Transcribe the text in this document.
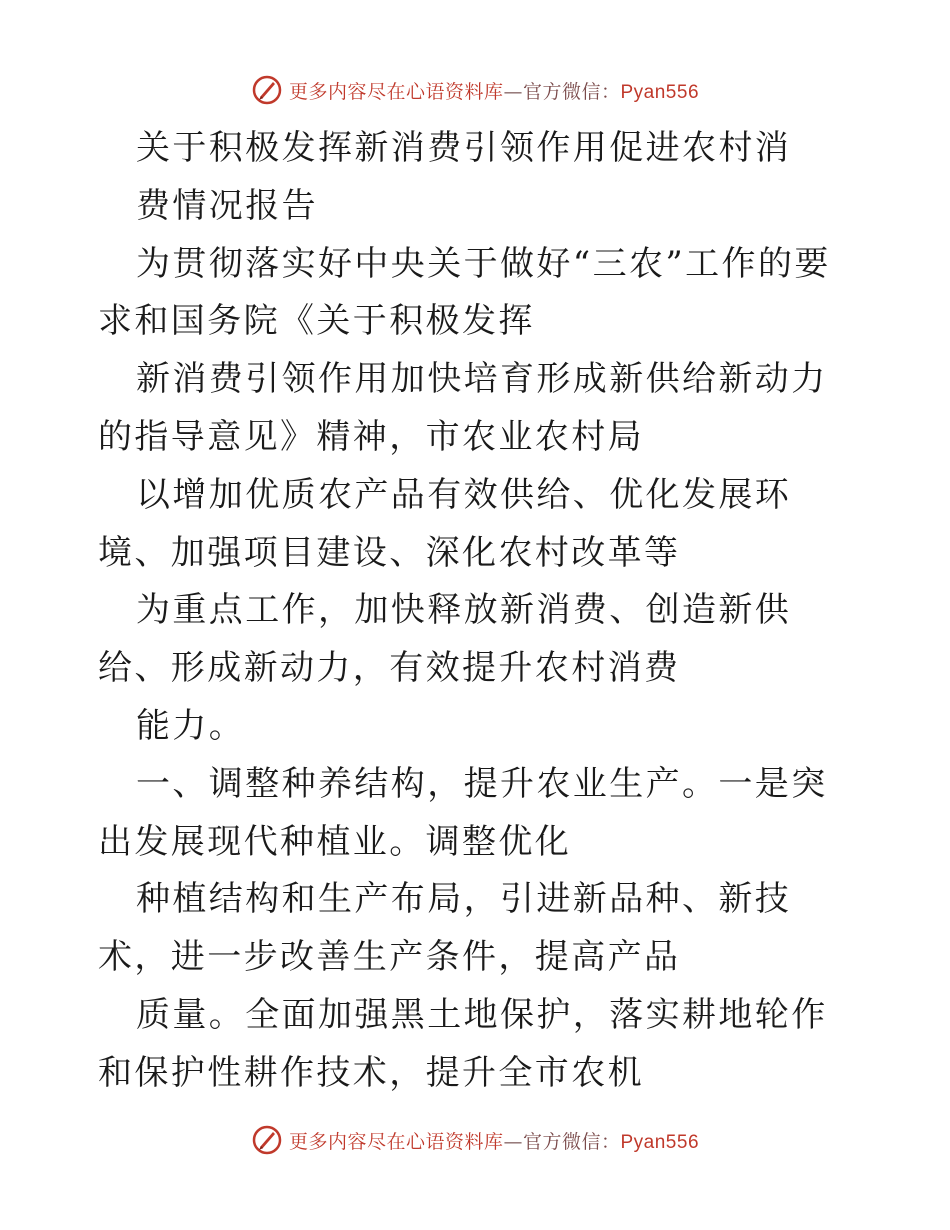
更多内容尽在心语资料库—官方微信：Pyan556

关于积极发挥新消费引领作用促进农村消

费情况报告

为贯彻落实好中央关于做好“三农”工作的要求和国务院《关于积极发挥

新消费引领作用加快培育形成新供给新动力的指导意见》精神，市农业农村局

以增加优质农产品有效供给、优化发展环境、加强项目建设、深化农村改革等

为重点工作，加快释放新消费、创造新供给、形成新动力，有效提升农村消费

能力。

一、调整种养结构，提升农业生产。一是突出发展现代种植业。调整优化

种植结构和生产布局，引进新品种、新技术，进一步改善生产条件，提高产品

质量。全面加强黑土地保护，落实耕地轮作和保护性耕作技术，提升全市农机

更多内容尽在心语资料库—官方微信：Pyan556
